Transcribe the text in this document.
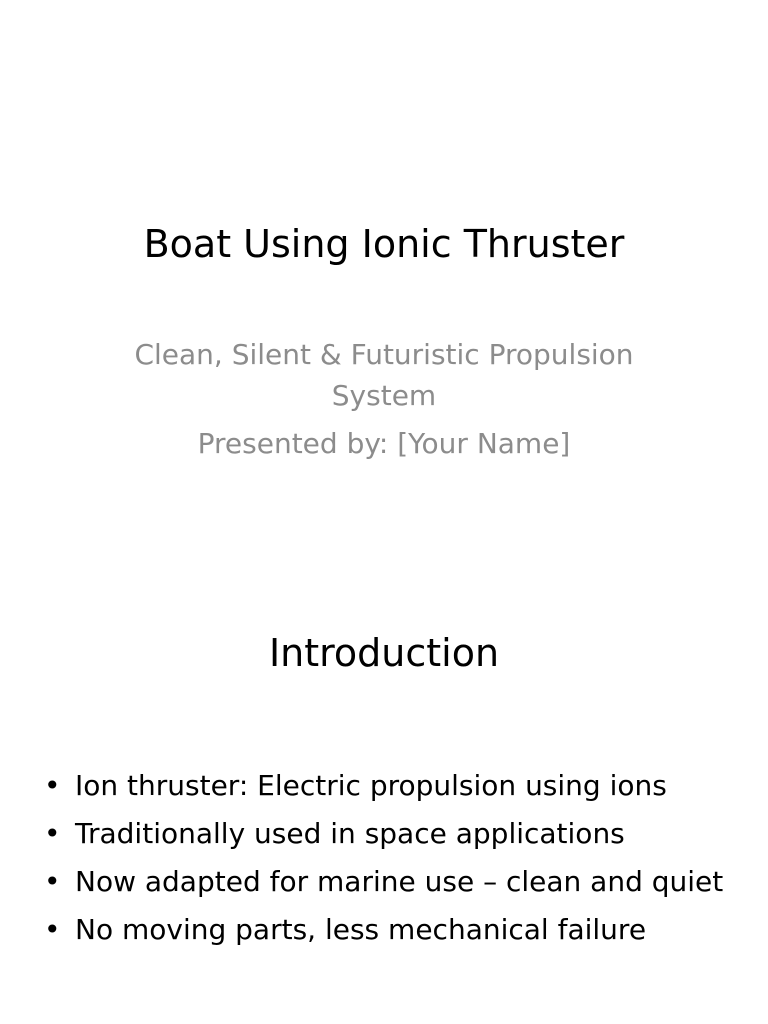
Boat Using Ionic Thruster
Clean, Silent & Futuristic Propulsion System
Presented by: [Your Name]
Introduction
• Ion thruster: Electric propulsion using ions
• Traditionally used in space applications
• Now adapted for marine use – clean and quiet
• No moving parts, less mechanical failure
